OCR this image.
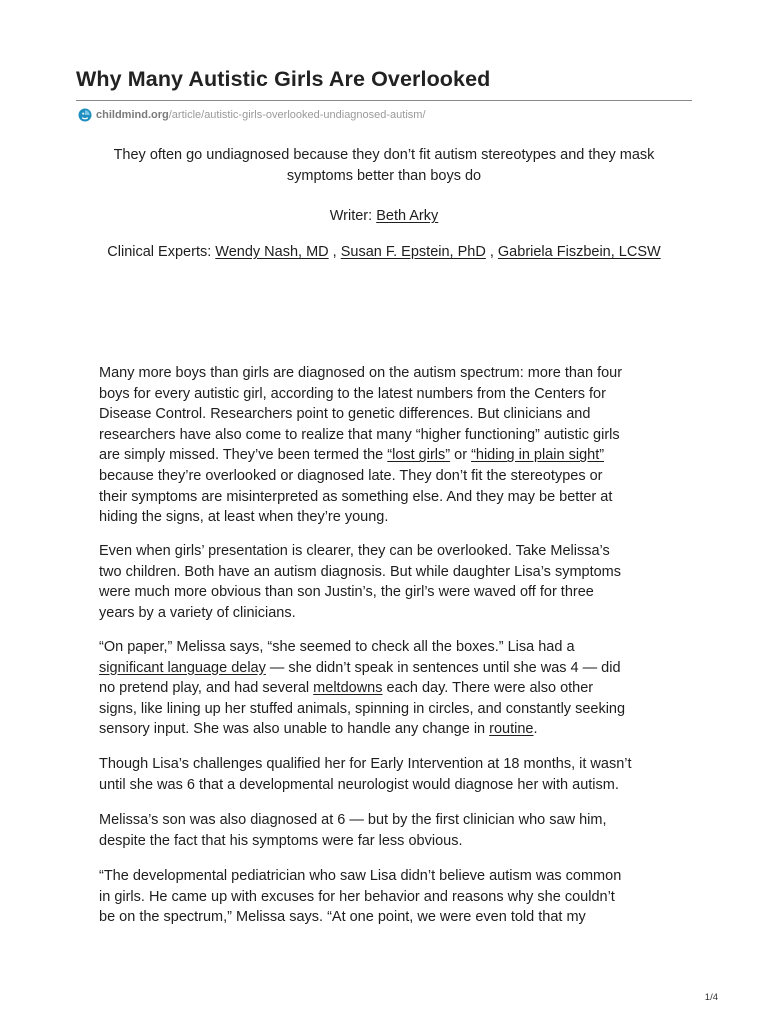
Why Many Autistic Girls Are Overlooked
childmind.org /article/autistic-girls-overlooked-undiagnosed-autism/
They often go undiagnosed because they don’t fit autism stereotypes and they mask
symptoms better than boys do
Writer: Beth Arky
Clinical Experts: Wendy Nash, MD , Susan F. Epstein, PhD , Gabriela Fiszbein, LCSW
Many more boys than girls are diagnosed on the autism spectrum: more than four
boys for every autistic girl, according to the latest numbers from the Centers for
Disease Control. Researchers point to genetic differences. But clinicians and
researchers have also come to realize that many “higher functioning” autistic girls
are simply missed. They’ve been termed the “lost girls” or “hiding in plain sight”
because they’re overlooked or diagnosed late. They don’t fit the stereotypes or
their symptoms are misinterpreted as something else. And they may be better at
hiding the signs, at least when they’re young.
Even when girls’ presentation is clearer, they can be overlooked. Take Melissa’s
two children. Both have an autism diagnosis. But while daughter Lisa’s symptoms
were much more obvious than son Justin’s, the girl’s were waved off for three
years by a variety of clinicians.
“On paper,” Melissa says, “she seemed to check all the boxes.” Lisa had a
significant language delay — she didn’t speak in sentences until she was 4 — did
no pretend play, and had several meltdowns each day. There were also other
signs, like lining up her stuffed animals, spinning in circles, and constantly seeking
sensory input. She was also unable to handle any change in routine.
Though Lisa’s challenges qualified her for Early Intervention at 18 months, it wasn’t
until she was 6 that a developmental neurologist would diagnose her with autism.
Melissa’s son was also diagnosed at 6 — but by the first clinician who saw him,
despite the fact that his symptoms were far less obvious.
“The developmental pediatrician who saw Lisa didn’t believe autism was common
in girls. He came up with excuses for her behavior and reasons why she couldn’t
be on the spectrum,” Melissa says. “At one point, we were even told that my
1/4
